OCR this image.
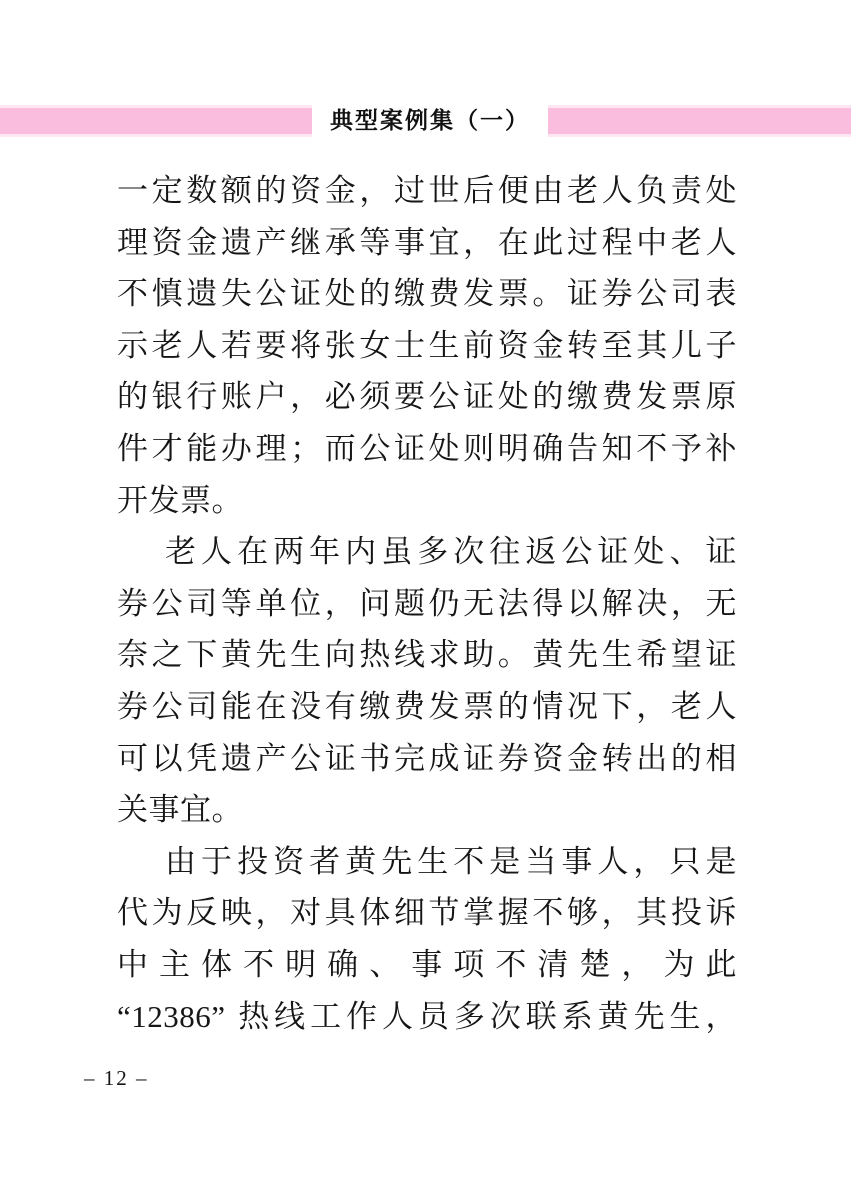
典型案例集（一）
一定数额的资金，过世后便由老人负责处
理资金遗产继承等事宜，在此过程中老人
不慎遗失公证处的缴费发票。证券公司表
示老人若要将张女士生前资金转至其儿子
的银行账户，必须要公证处的缴费发票原
件才能办理；而公证处则明确告知不予补
开发票。
老人在两年内虽多次往返公证处、证
券公司等单位，问题仍无法得以解决，无
奈之下黄先生向热线求助。黄先生希望证
券公司能在没有缴费发票的情况下，老人
可以凭遗产公证书完成证券资金转出的相
关事宜。
由于投资者黄先生不是当事人，只是
代为反映，对具体细节掌握不够，其投诉
中主体不明确、事项不清楚，为此
“12386” 热线工作人员多次联系黄先生，
– 12 –
